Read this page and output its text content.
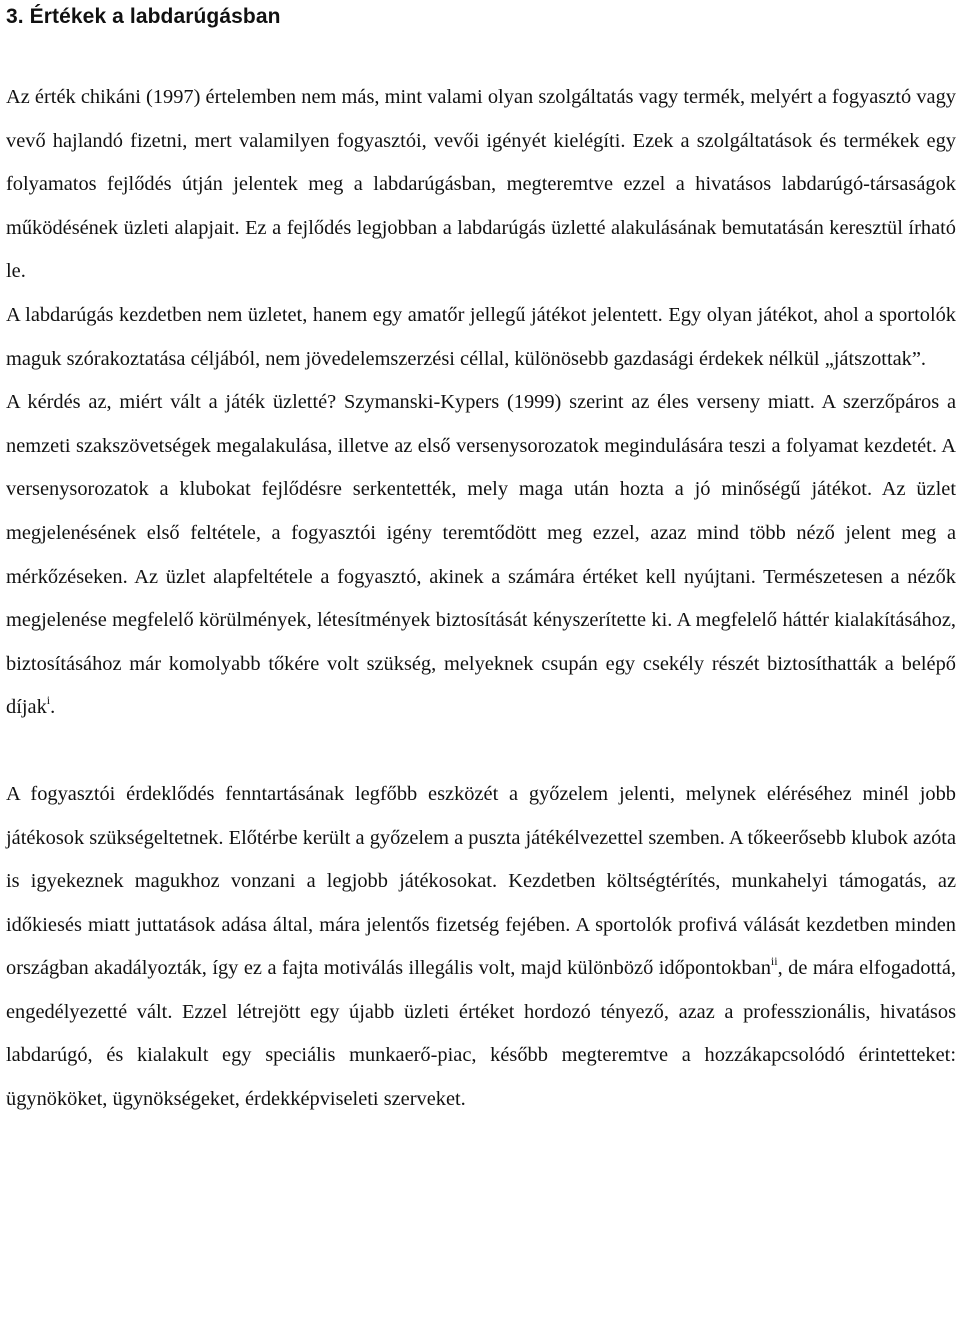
3. Értékek a labdarúgásban

Az érték chikáni (1997) értelemben nem más, mint valami olyan szolgáltatás vagy termék, melyért a fogyasztó vagy vevő hajlandó fizetni, mert valamilyen fogyasztói, vevői igényét kielégíti. Ezek a szolgáltatások és termékek egy folyamatos fejlődés útján jelentek meg a labdarúgásban, megteremtve ezzel a hivatásos labdarúgó-társaságok működésének üzleti alapjait. Ez a fejlődés legjobban a labdarúgás üzletté alakulásának bemutatásán keresztül írható le.

A labdarúgás kezdetben nem üzletet, hanem egy amatőr jellegű játékot jelentett. Egy olyan játékot, ahol a sportolók maguk szórakoztatása céljából, nem jövedelemszerzési céllal, különösebb gazdasági érdekek nélkül „játszottak”.

A kérdés az, miért vált a játék üzletté? Szymanski-Kypers (1999) szerint az éles verseny miatt. A szerzőpáros a nemzeti szakszövetségek megalakulása, illetve az első versenysorozatok megindulására teszi a folyamat kezdetét. A versenysorozatok a klubokat fejlődésre serkentették, mely maga után hozta a jó minőségű játékot. Az üzlet megjelenésének első feltétele, a fogyasztói igény teremtődött meg ezzel, azaz mind több néző jelent meg a mérkőzéseken. Az üzlet alapfeltétele a fogyasztó, akinek a számára értéket kell nyújtani. Természetesen a nézők megjelenése megfelelő körülmények, létesítmények biztosítását kényszerítette ki. A megfelelő háttér kialakításához, biztosításához már komolyabb tőkére volt szükség, melyeknek csupán egy csekély részét biztosíthatták a belépő díjak$^i$.

A fogyasztói érdeklődés fenntartásának legfőbb eszközét a győzelem jelenti, melynek eléréséhez minél jobb játékosok szükségeltetnek. Előtérbe került a győzelem a puszta játékélvezettel szemben. A tőkeerősebb klubok azóta is igyekeznek magukhoz vonzani a legjobb játékosokat. Kezdetben költségtérítés, munkahelyi támogatás, az időkiesés miatt juttatások adása által, mára jelentős fizetség fejében. A sportolók profivá válását kezdetben minden országban akadályozták, így ez a fajta motiválás illegális volt, majd különböző időpontokban$^{ii}$, de mára elfogadottá, engedélyezetté vált. Ezzel létrejött egy újabb üzleti értéket hordozó tényező, azaz a professzionális, hivatásos labdarúgó, és kialakult egy speciális munkaerő-piac, később megteremtve a hozzákapcsolódó érintetteket: ügynököket, ügynökségeket, érdekképviseleti szerveket.
